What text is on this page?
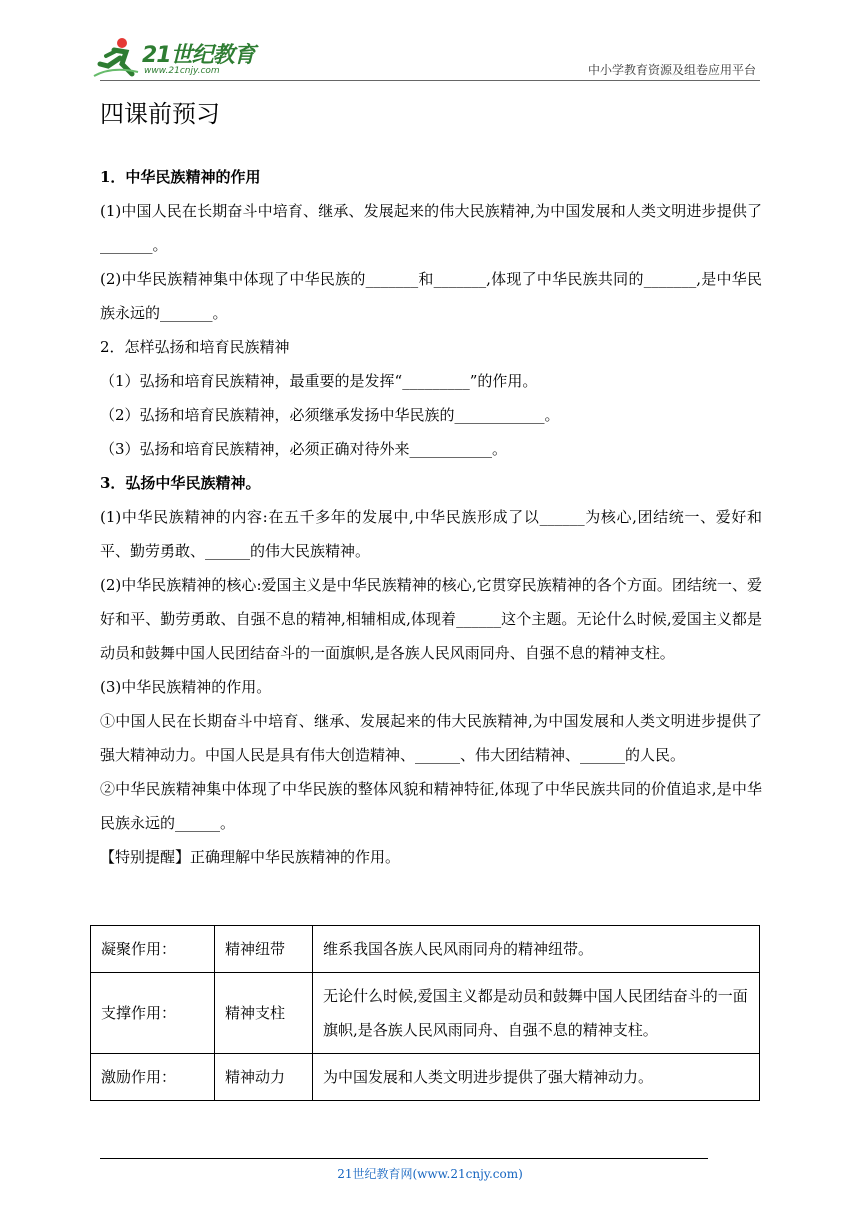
21世纪教育
www.21cnjy.com	中小学教育资源及组卷应用平台
四课前预习

1．中华民族精神的作用

(1)中国人民在长期奋斗中培育、继承、发展起来的伟大民族精神,为中国发展和人类文明进步提供了_______。

(2)中华民族精神集中体现了中华民族的_______和_______,体现了中华民族共同的_______,是中华民族永远的_______。

2．怎样弘扬和培育民族精神

（1）弘扬和培育民族精神，最重要的是发挥“_________”的作用。

（2）弘扬和培育民族精神，必须继承发扬中华民族的____________。

（3）弘扬和培育民族精神，必须正确对待外来___________。

3．弘扬中华民族精神。

(1)中华民族精神的内容:在五千多年的发展中,中华民族形成了以______为核心,团结统一、爱好和平、勤劳勇敢、______的伟大民族精神。

(2)中华民族精神的核心:爱国主义是中华民族精神的核心,它贯穿民族精神的各个方面。团结统一、爱好和平、勤劳勇敢、自强不息的精神,相辅相成,体现着______这个主题。无论什么时候,爱国主义都是动员和鼓舞中国人民团结奋斗的一面旗帜,是各族人民风雨同舟、自强不息的精神支柱。

(3)中华民族精神的作用。

①中国人民在长期奋斗中培育、继承、发展起来的伟大民族精神,为中国发展和人类文明进步提供了强大精神动力。中国人民是具有伟大创造精神、______、伟大团结精神、______的人民。

②中华民族精神集中体现了中华民族的整体风貌和精神特征,体现了中华民族共同的价值追求,是中华民族永远的______。

【特别提醒】正确理解中华民族精神的作用。

凝聚作用：	精神纽带	维系我国各族人民风雨同舟的精神纽带。
支撑作用：	精神支柱	无论什么时候,爱国主义都是动员和鼓舞中国人民团结奋斗的一面旗帜,是各族人民风雨同舟、自强不息的精神支柱。
激励作用：	精神动力	为中国发展和人类文明进步提供了强大精神动力。
21世纪教育网(www.21cnjy.com)
